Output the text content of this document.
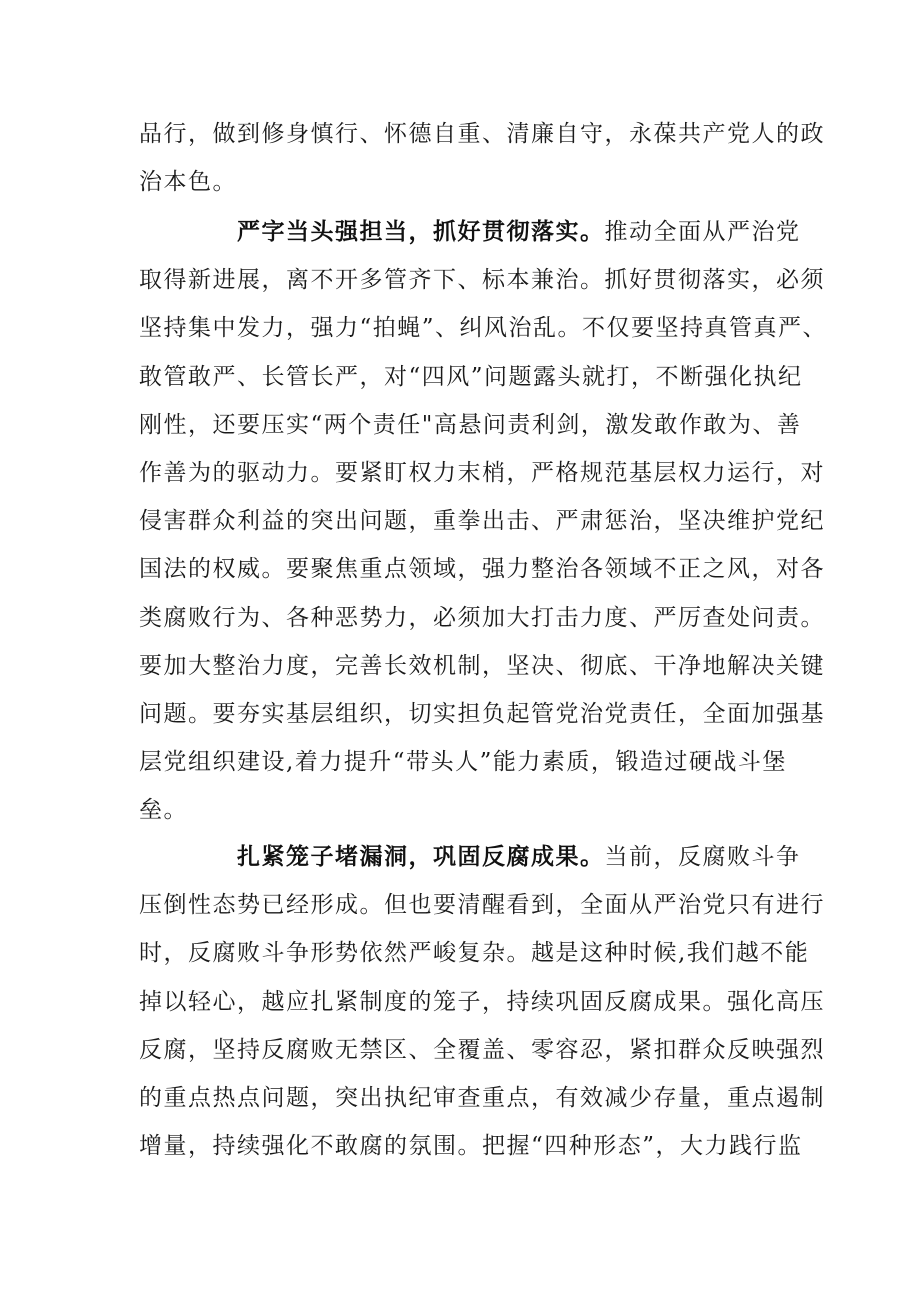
品行，做到修身慎行、怀德自重、清廉自守，永葆共产党人的政
治本色。
严字当头强担当，抓好贯彻落实。推动全面从严治党
取得新进展，离不开多管齐下、标本兼治。抓好贯彻落实，必须
坚持集中发力，强力“拍蝇”、纠风治乱。不仅要坚持真管真严、
敢管敢严、长管长严，对“四风”问题露头就打，不断强化执纪
刚性，还要压实“两个责任"高悬问责利剑，激发敢作敢为、善
作善为的驱动力。要紧盯权力末梢，严格规范基层权力运行，对
侵害群众利益的突出问题，重拳出击、严肃惩治，坚决维护党纪
国法的权威。要聚焦重点领域，强力整治各领域不正之风，对各
类腐败行为、各种恶势力，必须加大打击力度、严厉查处问责。
要加大整治力度，完善长效机制，坚决、彻底、干净地解决关键
问题。要夯实基层组织，切实担负起管党治党责任，全面加强基
层党组织建设,着力提升“带头人”能力素质，锻造过硬战斗堡
垒。
扎紧笼子堵漏洞，巩固反腐成果。当前，反腐败斗争
压倒性态势已经形成。但也要清醒看到，全面从严治党只有进行
时，反腐败斗争形势依然严峻复杂。越是这种时候,我们越不能
掉以轻心，越应扎紧制度的笼子，持续巩固反腐成果。强化高压
反腐，坚持反腐败无禁区、全覆盖、零容忍，紧扣群众反映强烈
的重点热点问题，突出执纪审查重点，有效减少存量，重点遏制
增量，持续强化不敢腐的氛围。把握“四种形态”，大力践行监
